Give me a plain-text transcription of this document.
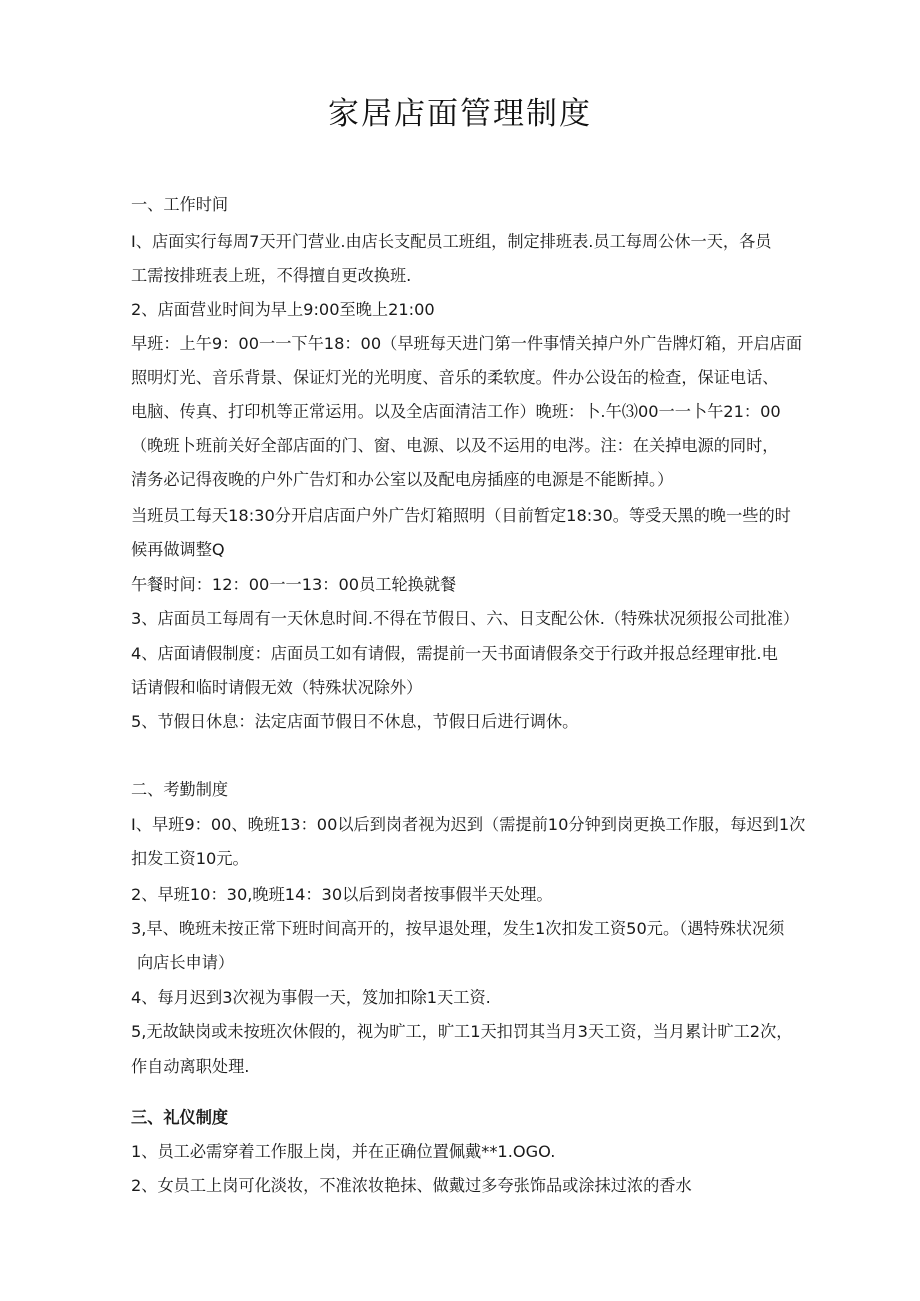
家居店面管理制度
一、工作时间
I、店面实行每周7天开门营业.由店长支配员工班组，制定排班表.员工每周公休一天，各员
工需按排班表上班，不得擅自更改换班.
2、店面营业时间为早上9:00至晚上21:00
早班：上午9：00一一下午18：00（早班每天进门第一件事情关掉户外广告牌灯箱，开启店面
照明灯光、音乐背景、保证灯光的光明度、音乐的柔软度。件办公设缶的检查，保证电话、
电脑、传真、打印机等正常运用。以及全店面清洁工作）晚班：卜.午⑶00一一卜午21：00
（晚班卜班前关好全部店面的门、窗、电源、以及不运用的电涔。注：在关掉电源的同时，
清务必记得夜晚的户外广告灯和办公室以及配电房插座的电源是不能断掉。）
当班员工每天18:30分开启店面户外广告灯箱照明（目前暂定18:30。等受天黑的晚一些的时
候再做调整Q
午餐时间：12：00一一13：00员工轮换就餐
3、店面员工每周有一天休息时间.不得在节假日、六、日支配公休.（特殊状况须报公司批准）
4、店面请假制度：店面员工如有请假，需提前一天书面请假条交于行政并报总经理审批.电
话请假和临时请假无效（特殊状况除外）
5、节假日休息：法定店面节假日不休息，节假日后进行调休。
二、考勤制度
I、早班9：00、晚班13：00以后到岗者视为迟到（需提前10分钟到岗更换工作服，每迟到1次
扣发工资10元。
2、早班10：30,晚班14：30以后到岗者按事假半天处理。
3,早、晚班未按正常下班时间高开的，按早退处理，发生1次扣发工资50元。（遇特殊状况须
向店长申请）
4、每月迟到3次视为事假一天，笈加扣除1天工资.
5,无故缺岗或未按班次休假的，视为旷工，旷工1天扣罚其当月3天工资，当月累计旷工2次，
作自动离职处理.
三、礼仪制度
1、员工必需穿着工作服上岗，并在正确位置佩戴**1.OGO.
2、女员工上岗可化淡妆，不准浓妆艳抹、做戴过多夸张饰品或涂抹过浓的香水
